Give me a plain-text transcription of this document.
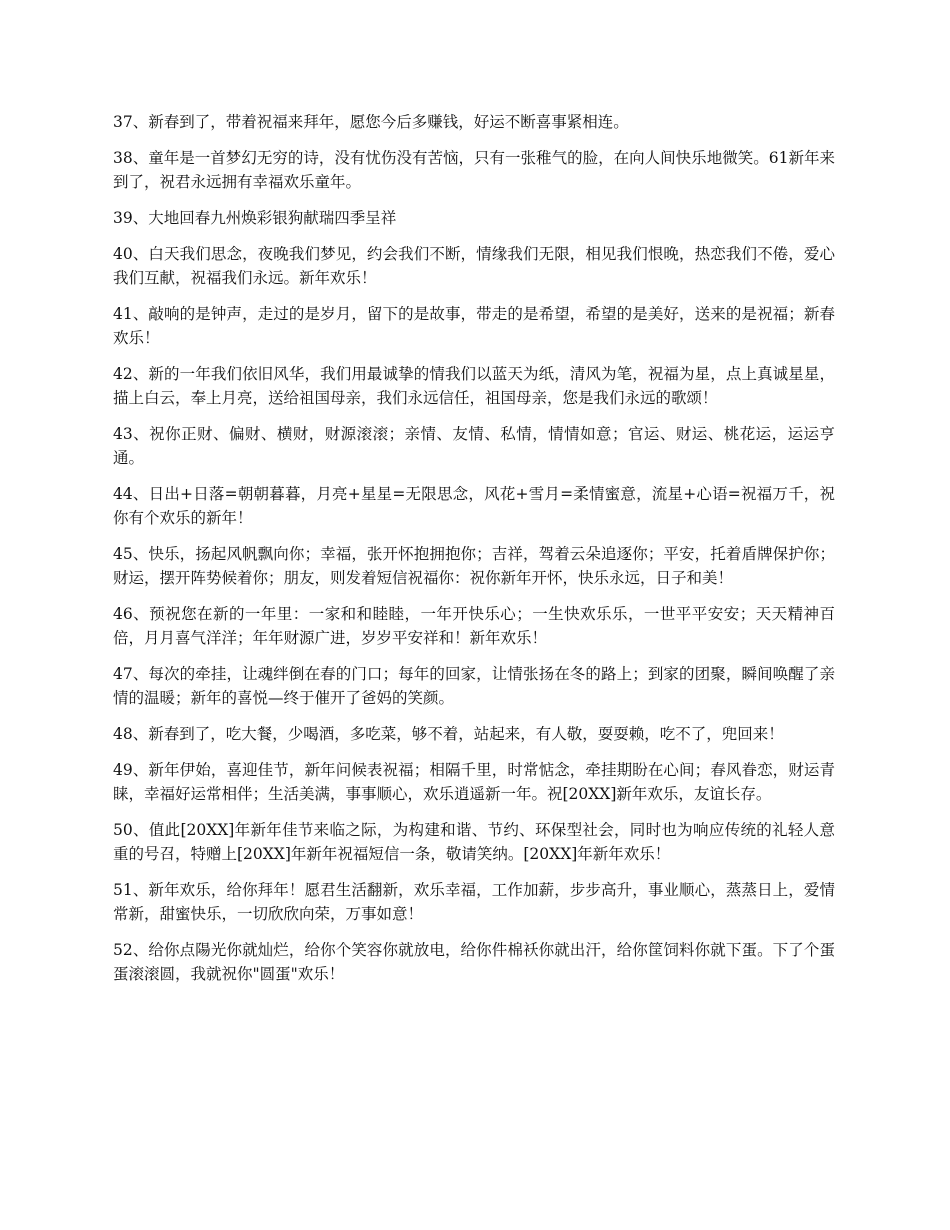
37、新春到了，带着祝福来拜年，愿您今后多赚钱，好运不断喜事紧相连。

38、童年是一首梦幻无穷的诗，没有忧伤没有苦恼，只有一张稚气的脸，在向人间快乐地微笑。61新年来到了，祝君永远拥有幸福欢乐童年。

39、大地回春九州焕彩银狗献瑞四季呈祥

40、白天我们思念，夜晚我们梦见，约会我们不断，情缘我们无限，相见我们恨晚，热恋我们不倦，爱心我们互献，祝福我们永远。新年欢乐！

41、敲响的是钟声，走过的是岁月，留下的是故事，带走的是希望，希望的是美好，送来的是祝福；新春欢乐！

42、新的一年我们依旧风华，我们用最诚挚的情我们以蓝天为纸，清风为笔，祝福为星，点上真诚星星，描上白云，奉上月亮，送给祖国母亲，我们永远信任，祖国母亲，您是我们永远的歌颂！

43、祝你正财、偏财、横财，财源滚滚；亲情、友情、私情，情情如意；官运、财运、桃花运，运运亨通。

44、日出+日落=朝朝暮暮，月亮+星星=无限思念，风花+雪月=柔情蜜意，流星+心语=祝福万千，祝你有个欢乐的新年！

45、快乐，扬起风帆飘向你；幸福，张开怀抱拥抱你；吉祥，驾着云朵追逐你；平安，托着盾牌保护你；财运，摆开阵势候着你；朋友，则发着短信祝福你：祝你新年开怀，快乐永远，日子和美！

46、预祝您在新的一年里：一家和和睦睦，一年开快乐心；一生快欢乐乐，一世平平安安；天天精神百倍，月月喜气洋洋；年年财源广进，岁岁平安祥和！新年欢乐！

47、每次的牵挂，让魂绊倒在春的门口；每年的回家，让情张扬在冬的路上；到家的团聚，瞬间唤醒了亲情的温暖；新年的喜悦—终于催开了爸妈的笑颜。

48、新春到了，吃大餐，少喝酒，多吃菜，够不着，站起来，有人敬，耍耍赖，吃不了，兜回来！

49、新年伊始，喜迎佳节，新年问候表祝福；相隔千里，时常惦念，牵挂期盼在心间；春风眷恋，财运青睐，幸福好运常相伴；生活美满，事事顺心，欢乐逍遥新一年。祝[20XX]新年欢乐，友谊长存。

50、值此[20XX]年新年佳节来临之际，为构建和谐、节约、环保型社会，同时也为响应传统的礼轻人意重的号召，特赠上[20XX]年新年祝福短信一条，敬请笑纳。[20XX]年新年欢乐！

51、新年欢乐，给你拜年！愿君生活翻新，欢乐幸福，工作加薪，步步高升，事业顺心，蒸蒸日上，爱情常新，甜蜜快乐，一切欣欣向荣，万事如意！

52、给你点陽光你就灿烂，给你个笑容你就放电，给你件棉袄你就出汗，给你筐饲料你就下蛋。下了个蛋蛋滚滚圆，我就祝你"圆蛋"欢乐！
